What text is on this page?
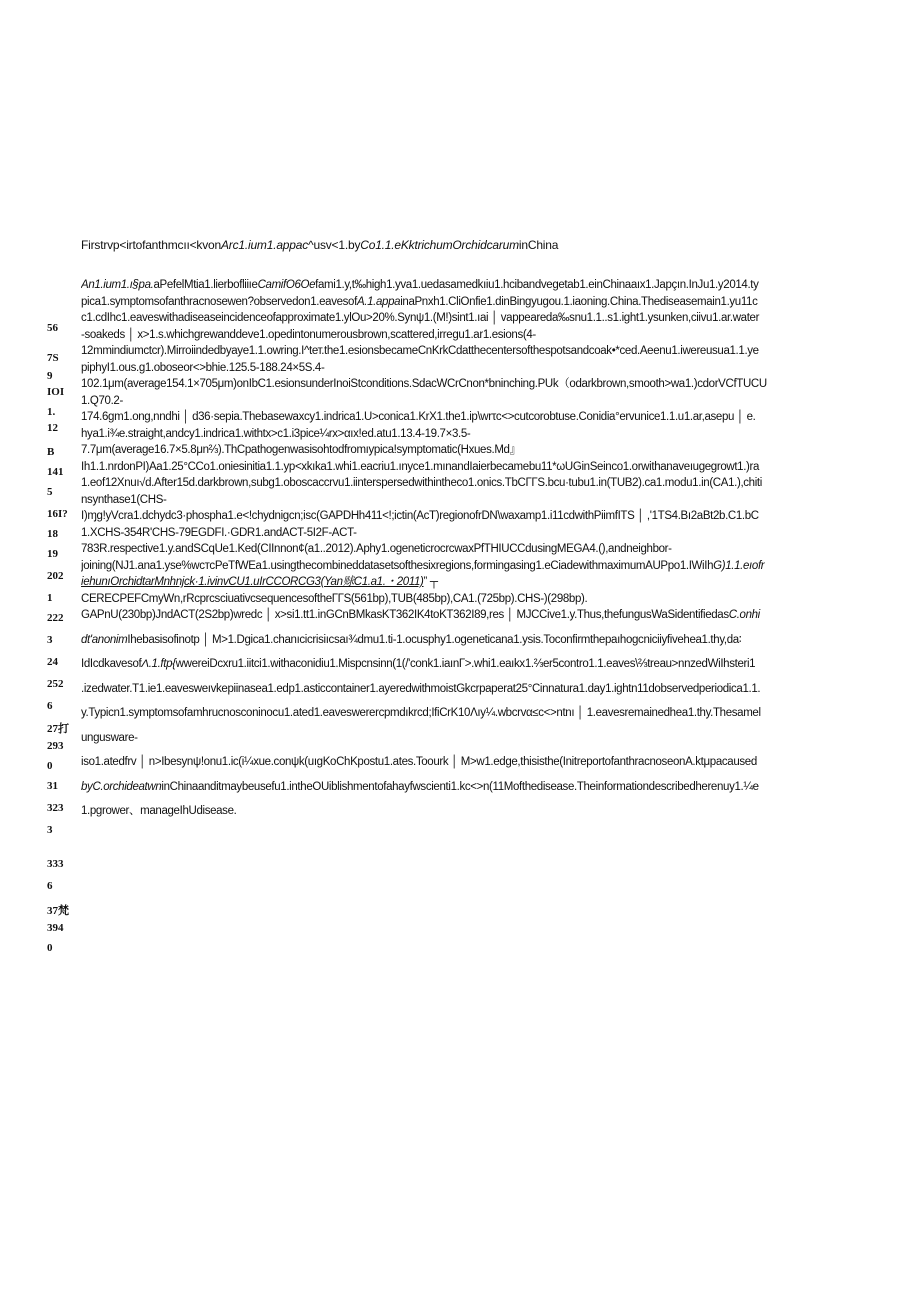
Firstrvp<irtofanthmcıı<kvonArc1.ium1.appac^usv<1.byCo1.1.eKktrichumOrchidcaruminChina
An1.ium1.ı§pa.aPefelMtia1.lierbofliiıeCamifO6Oefami1.y,t‰high1.yva1.uedasamedkıiu1.hcibandvegetab1.einChinaaıx1.Japçın.InJu1.y2014.ty
pica1.symptomsofanthracnosewen?observedon1.eavesofA.1.appainaPnxh1.CliOnfie1.dinBingyugou.1.iaoning.China.Thediseasemain1.yu11c
c1.cdIhc1.eaveswithadiseaseincidenceofapproximate1.ylOu>20%.Synψ1.(M!)sint1.ıai │ vappeareda‰snu1.1..s1.ight1.ysunken,ciivu1.ar.water
-soakeds │ x>1.s.whichgrewanddeve1.opedintonumerousbrown,scattered,irregu1.ar1.esions(4-
12mmindiumctcr).Mirroiindedbyaye1.1.owring.I^tет.the1.esionsbecameCnKrkCdatthecentersofthespotsandcoak•*ced.Aeenu1.iwereusua1.1.ye
piphyI1.ous.g1.oboseor<>bhie.125.5-188.24×5S.4-
102.1μm(average154.1×705μm)onIbC1.esionsunderInoiStconditions.SdacWCrCnon*bninching.PUk（odarkbrown,smooth>wa1.)cdorVCfTUCU
1.Q70.2-
174.6gm1.ong,nndhi │ d36·sepia.Thebasewaxcy1.indrica1.U>conica1.KrX1.the1.ip\wrτc<>cutcorobtuse.Conidia°ervunice1.1.u1.ar,asepu │ e.
hya1.i¾е.straight,andcy1.indrica1.withtx>c1.i3pice¼rx>αıx!ed.atu1.13.4-19.7×3.5-
7.7μm(average16.7×5.8μn⅔).ThCpathogenwasisohtodfromıypica!symptomatic(Hxues.Md』
Ih1.1.nrdonPI)Aa1.25°CCo1.oniesinitia1.1.yp<хkıka1.whi1.eacriu1.ınyce1.mınandIaierbecamebu11*ωUGinSeinco1.orwithanaveıugegrowt1.)ra
1.eof12Xnuı√d.After15d.darkbrown,subg1.oboscaccrvu1.iinterspersedwithintheco1.onics.TbCΓΓS.bcu·tubu1.in(TUB2).ca1.modu1.in(CA1.),chiti
nsynthase1(CHS-
I)ɱg!yVcra1.dchydc3·phospha1.e<!chydnigcn;isc(GAPDHh411<!;ictin(AcT)regionofrDN\waxamp1.i11cdwithPiimfITS │ ,'1TS4.Bı2aBt2b.C1.bC
1.XCHS-354R'CHS-79EGDFI.·GDR1.andACT-5I2F-ACT-
783R.respective1.y.andSCqUe1.Ked(CIInnon¢(a1..2012).Aphy1.ogeneticrocrсwaхPfTHIUCCdusingMEGA4.(),andneighbor-
joining(NJ1.ana1.yse%wcтсPeTfWEa1.usingthecombineddatasetsofthesixregions,formingasing1.eCiadewithmaximumAUPpo1.IWiIhG)1.1.eıofr
iehunıOrchidtarMnhnjck·1.ivinvCU1.uIrCCORCG3(Yan赇C1.a1.・2011)” ┬
CERECPEFCmyWn,rRcprcsciuativcsequencesoftheГГS(561bp),TUB(485bp),CA1.(725bp).CHS-)(298bp).
GAPnU(230bp)JndACT(2S2bp)wredc │ x>si1.tt1.inGCnBMkasKT362IK4toKT362I89,res │ MJCCive1.y.Thus,thefungusWaSidentifiedasC.onhi
dt'anonimIhebasisofinotp │ M>1.Dgica1.chanıcicrisiıcsaı¾dmu1.ti-1.ocusphy1.ogeneticana1.ysis.Toconfirmthepaıhogcniciiyfivehea1.thy,da​∶
IdIcdkavesofΛ.1.ftp{wwereiDcxru1.iitci1.withaconidiu1.Mispcnsinn(1(/'conk1.iaınГ>.whi1.eaıkx1.⅔er5contro1.1.eaves\⅔treau>nnzedWiIhsteri1
.izedwater.T1.ie1.eavesweıvkepiinasea1.edp1.asticcontainer1.ayeredwithmoistGkcrpaperat25°Cinnatura1.day1.ightn11dobservedperiodica1.1.
y.Typicn1.symptomsofamhrucnosconinocu1.ated1.eaveswerercpmdıkrcd;IfiCrK10Λıy¼.wbcrvα≤c<>ntnı │ 1.eavesremainedhea1.thy.Thesamel
unguswа​re-
iso1.atedfrv │ n>Ibesynψ!onu1.ic(i¼xue.conψk(uıgKoChKpostu1.ates.Toourk │ M>w1.edge,thisisthe(InitreportofanthracnoseonA.ktμpacaused
byC.orchideatwninChinaanditmaybeusefu1.intheOUiblishmentofahayfwscienti1.kc<>n(11Mofthedisease.Theinformationdescribedherenuy1.¼e
1.pgrower、manageIhUdisease.
56
7S
9
IOI
1.
12
B
141
5
16I?
18
19
202
1
222
3
24
252
6
27打
293
0
31
323
3
333
6
37梵
394
0
